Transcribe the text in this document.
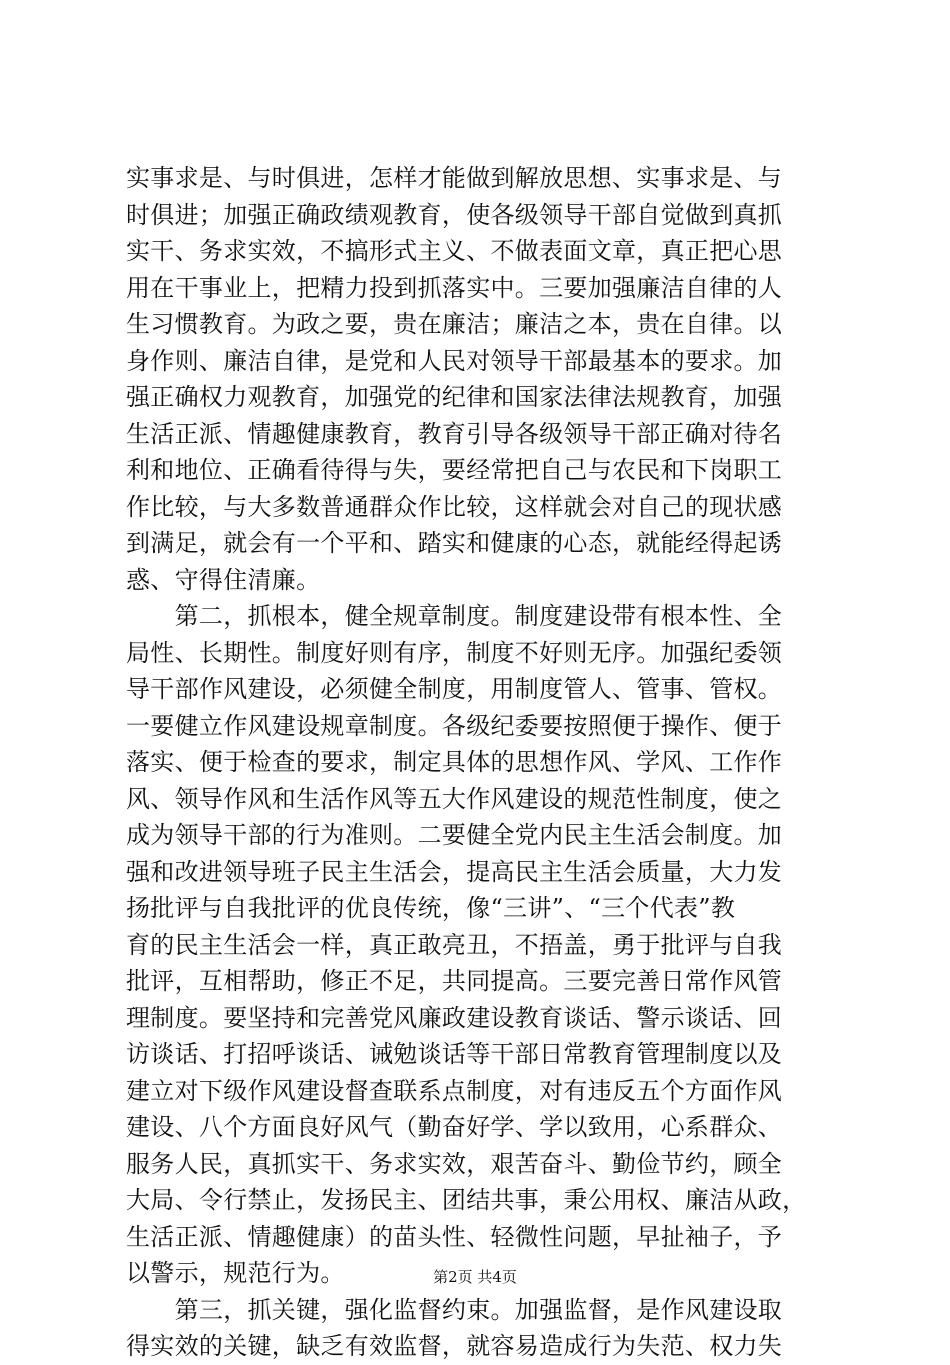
实事求是、与时俱进，怎样才能做到解放思想、实事求是、与
时俱进；加强正确政绩观教育，使各级领导干部自觉做到真抓
实干、务求实效，不搞形式主义、不做表面文章，真正把心思
用在干事业上，把精力投到抓落实中。三要加强廉洁自律的人
生习惯教育。为政之要，贵在廉洁；廉洁之本，贵在自律。以
身作则、廉洁自律，是党和人民对领导干部最基本的要求。加
强正确权力观教育，加强党的纪律和国家法律法规教育，加强
生活正派、情趣健康教育，教育引导各级领导干部正确对待名
利和地位、正确看待得与失，要经常把自己与农民和下岗职工
作比较，与大多数普通群众作比较，这样就会对自己的现状感
到满足，就会有一个平和、踏实和健康的心态，就能经得起诱
惑、守得住清廉。
　　第二，抓根本，健全规章制度。制度建设带有根本性、全
局性、长期性。制度好则有序，制度不好则无序。加强纪委领
导干部作风建设，必须健全制度，用制度管人、管事、管权。
一要健立作风建设规章制度。各级纪委要按照便于操作、便于
落实、便于检查的要求，制定具体的思想作风、学风、工作作
风、领导作风和生活作风等五大作风建设的规范性制度，使之
成为领导干部的行为准则。二要健全党内民主生活会制度。加
强和改进领导班子民主生活会，提高民主生活会质量，大力发
扬批评与自我批评的优良传统，像“三讲”、“三个代表”教
育的民主生活会一样，真正敢亮丑，不捂盖，勇于批评与自我
批评，互相帮助，修正不足，共同提高。三要完善日常作风管
理制度。要坚持和完善党风廉政建设教育谈话、警示谈话、回
访谈话、打招呼谈话、诫勉谈话等干部日常教育管理制度以及
建立对下级作风建设督查联系点制度，对有违反五个方面作风
建设、八个方面良好风气（勤奋好学、学以致用，心系群众、
服务人民，真抓实干、务求实效，艰苦奋斗、勤俭节约，顾全
大局、令行禁止，发扬民主、团结共事，秉公用权、廉洁从政，
生活正派、情趣健康）的苗头性、轻微性问题，早扯袖子，予
以警示，规范行为。
　　第三，抓关键，强化监督约束。加强监督，是作风建设取
得实效的关键，缺乏有效监督，就容易造成行为失范、权力失
第2页 共4页
